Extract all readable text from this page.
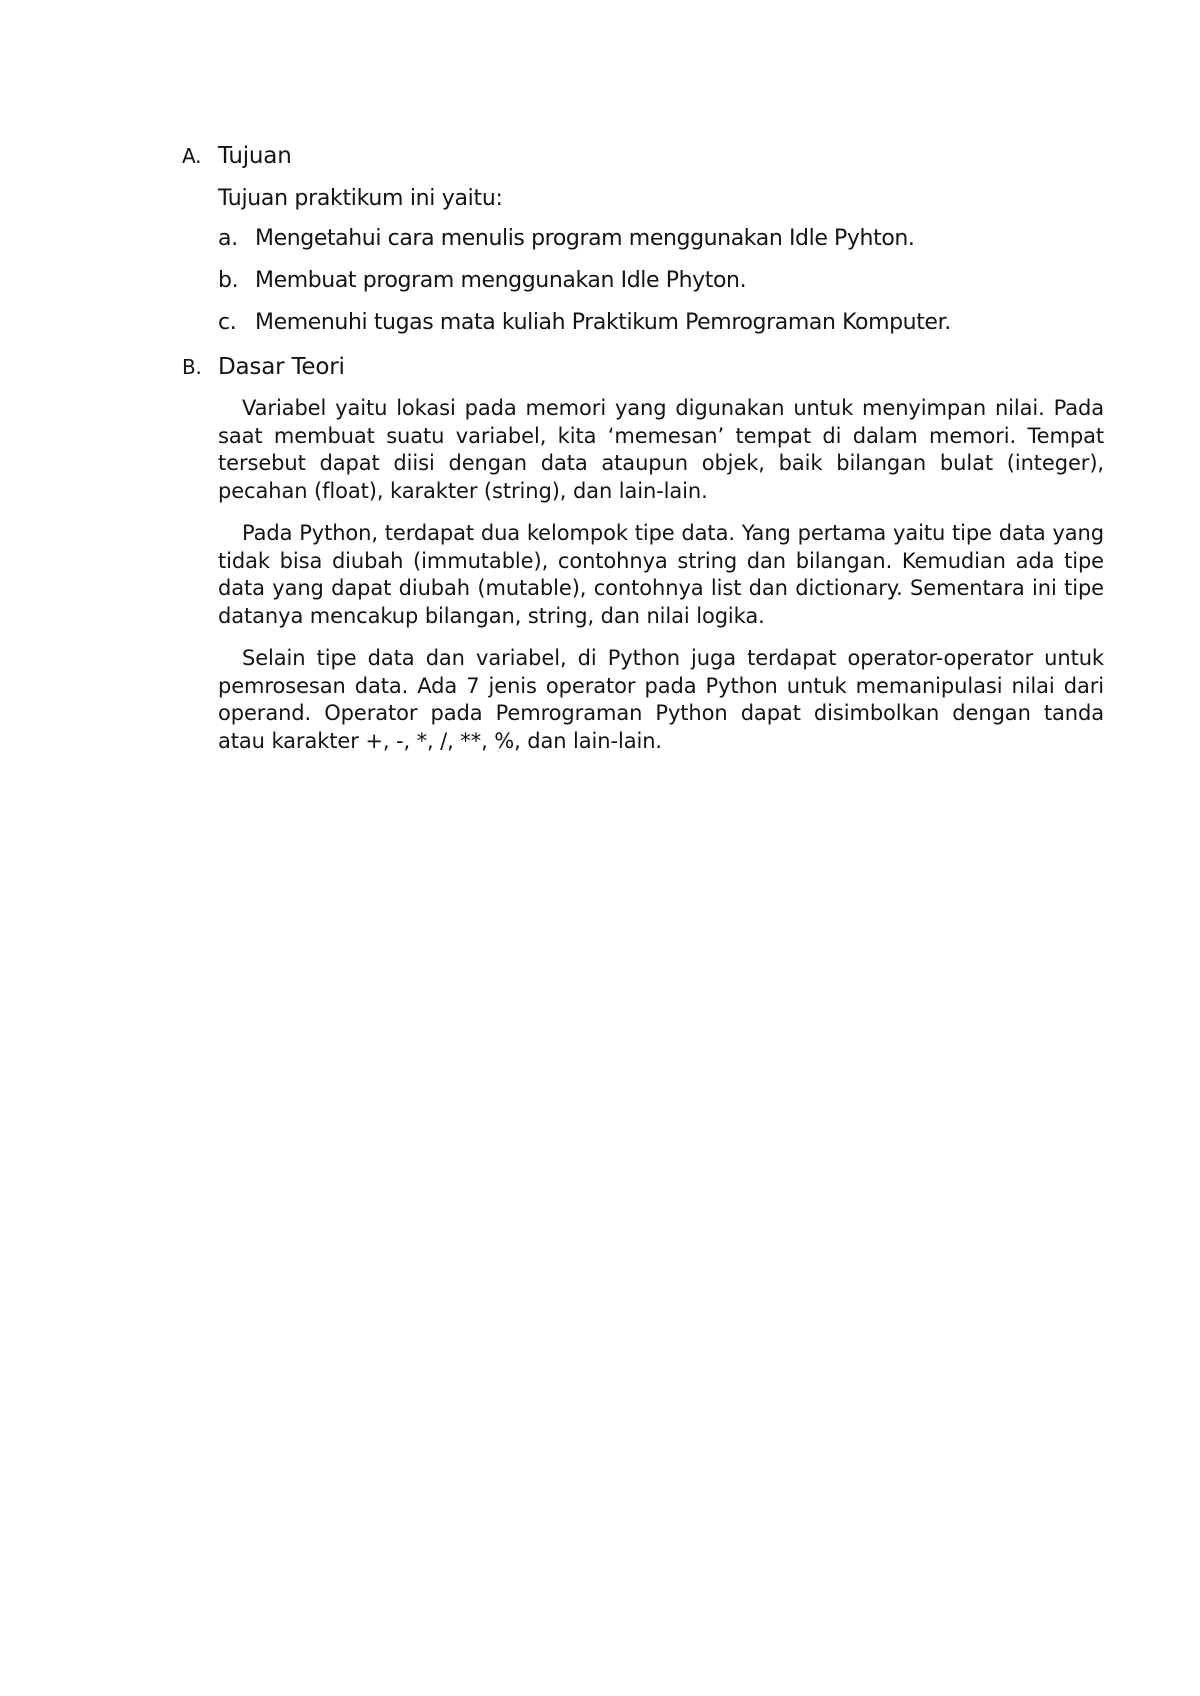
A. Tujuan
Tujuan praktikum ini yaitu:
a. Mengetahui cara menulis program menggunakan Idle Pyhton.
b. Membuat program menggunakan Idle Phyton.
c. Memenuhi tugas mata kuliah Praktikum Pemrograman Komputer.
B. Dasar Teori

Variabel yaitu lokasi pada memori yang digunakan untuk menyimpan nilai. Pada saat membuat suatu variabel, kita ‘memesan’ tempat di dalam memori. Tempat tersebut dapat diisi dengan data ataupun objek, baik bilangan bulat (integer), pecahan (float), karakter (string), dan lain-lain.

Pada Python, terdapat dua kelompok tipe data. Yang pertama yaitu tipe data yang tidak bisa diubah (immutable), contohnya string dan bilangan. Kemudian ada tipe data yang dapat diubah (mutable), contohnya list dan dictionary. Sementara ini tipe datanya mencakup bilangan, string, dan nilai logika.

Selain tipe data dan variabel, di Python juga terdapat operator-operator untuk pemrosesan data. Ada 7 jenis operator pada Python untuk memanipulasi nilai dari operand. Operator pada Pemrograman Python dapat disimbolkan dengan tanda atau karakter +, -, *, /, **, %, dan lain-lain.
